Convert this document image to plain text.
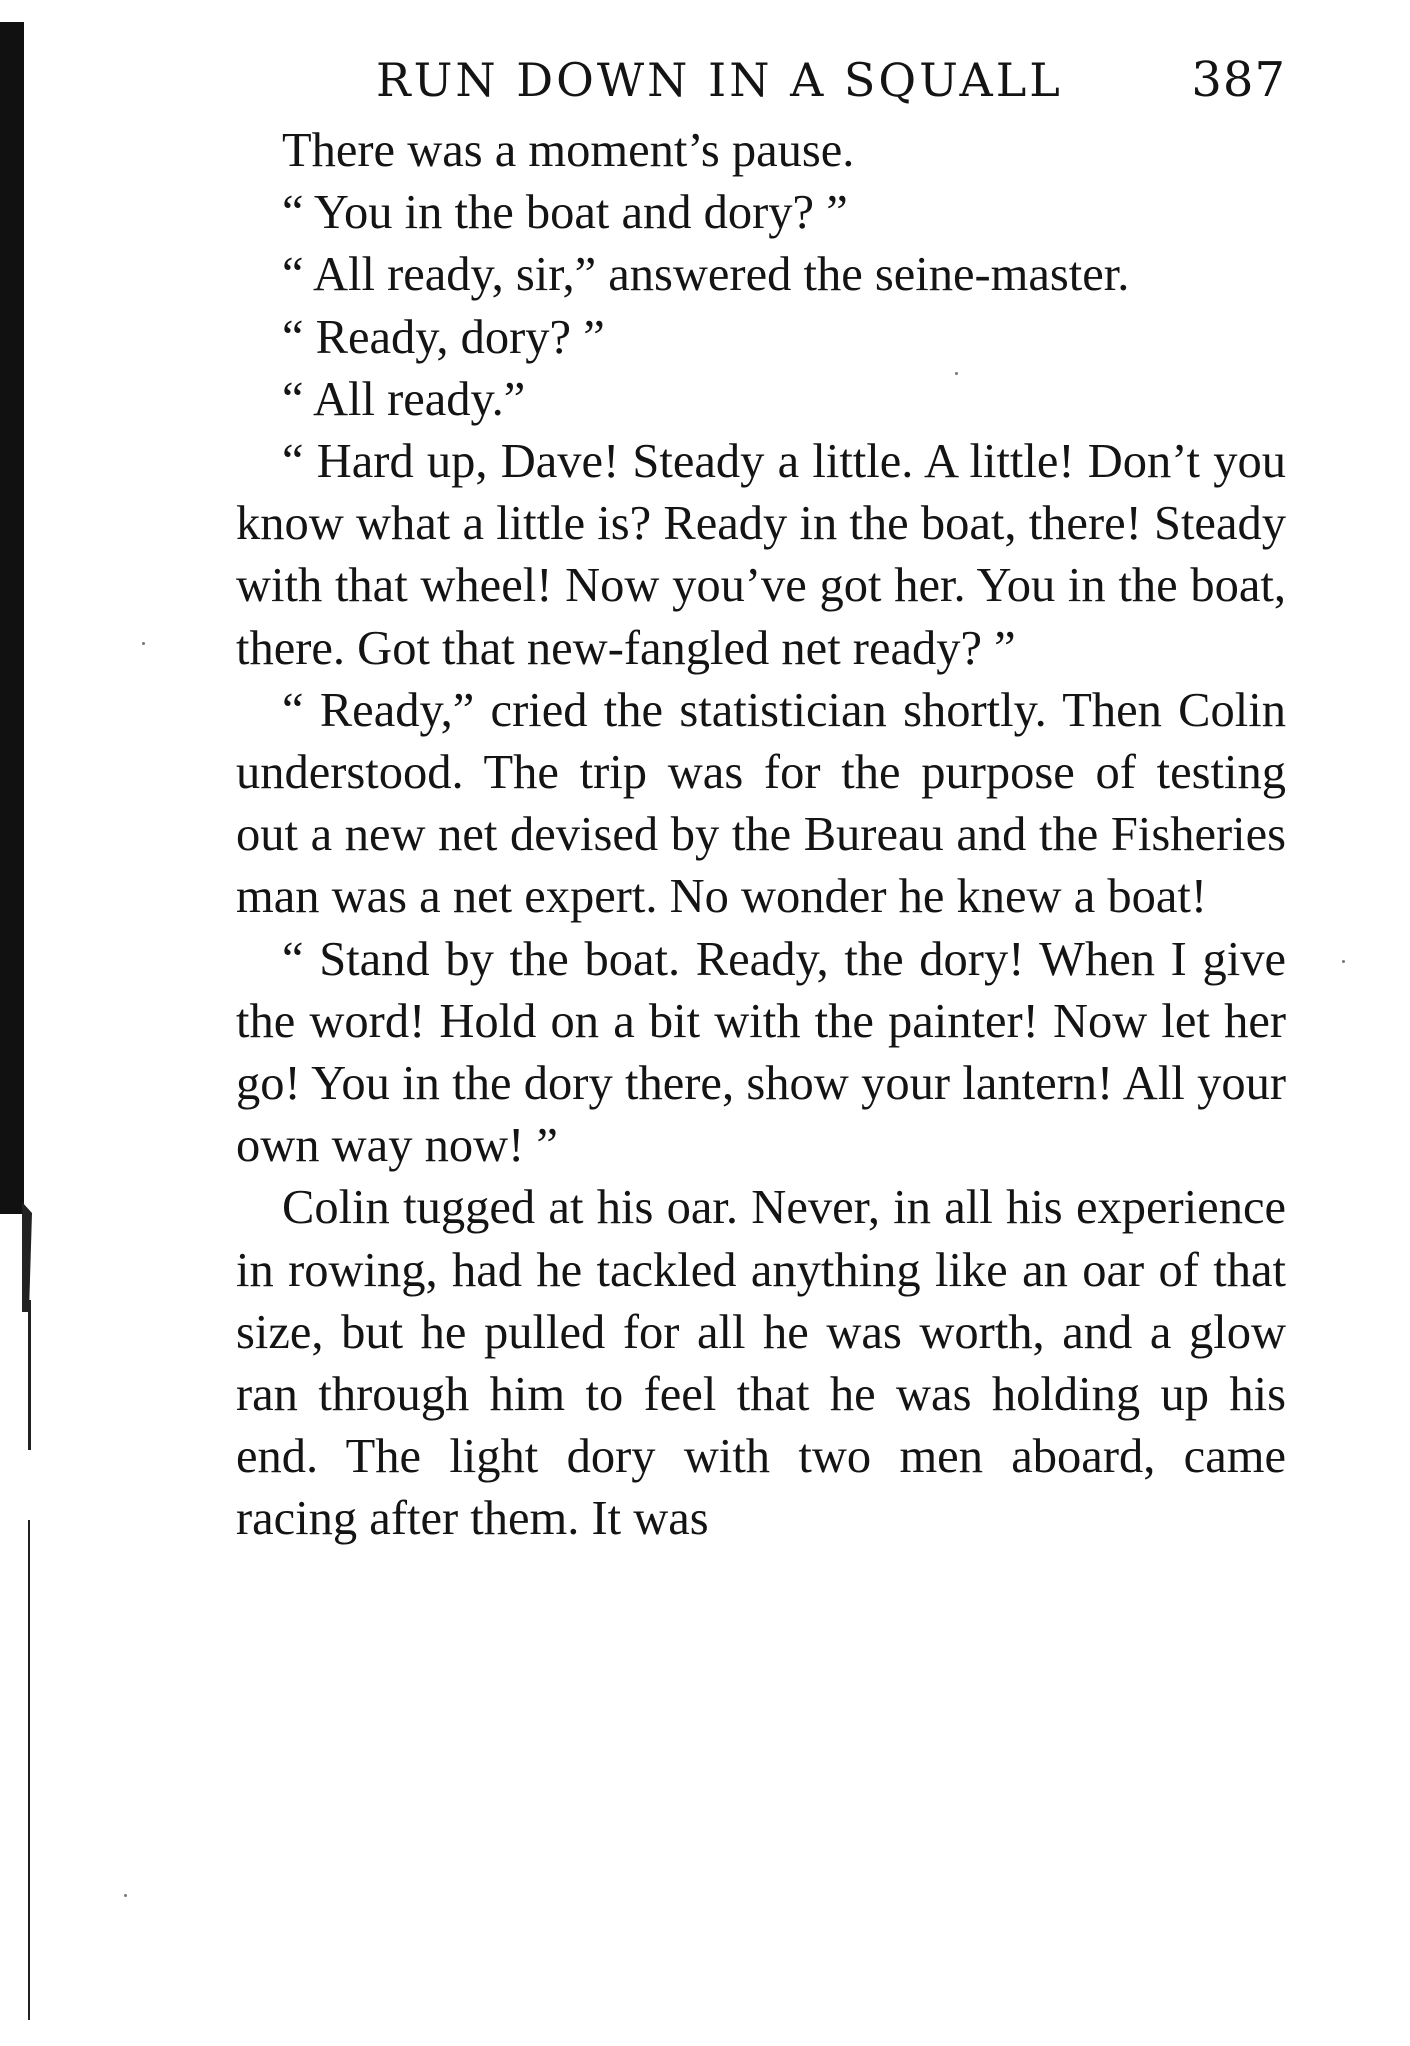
RUN DOWN IN A SQUALL	387

There was a moment’s pause.

“ You in the boat and dory? ”

“ All ready, sir,” answered the seine-master.

“ Ready, dory? ”

“ All ready.”

“ Hard up, Dave! Steady a little. A little! Don’t you know what a little is? Ready in the boat, there! Steady with that wheel! Now you’ve got her. You in the boat, there. Got that new-fangled net ready? ”

“ Ready,” cried the statistician shortly. Then Colin understood. The trip was for the purpose of testing out a new net devised by the Bureau and the Fisheries man was a net expert. No wonder he knew a boat!

“ Stand by the boat. Ready, the dory! When I give the word! Hold on a bit with the painter! Now let her go! You in the dory there, show your lantern! All your own way now! ”

Colin tugged at his oar. Never, in all his experience in rowing, had he tackled anything like an oar of that size, but he pulled for all he was worth, and a glow ran through him to feel that he was holding up his end. The light dory with two men aboard, came racing after them. It was
